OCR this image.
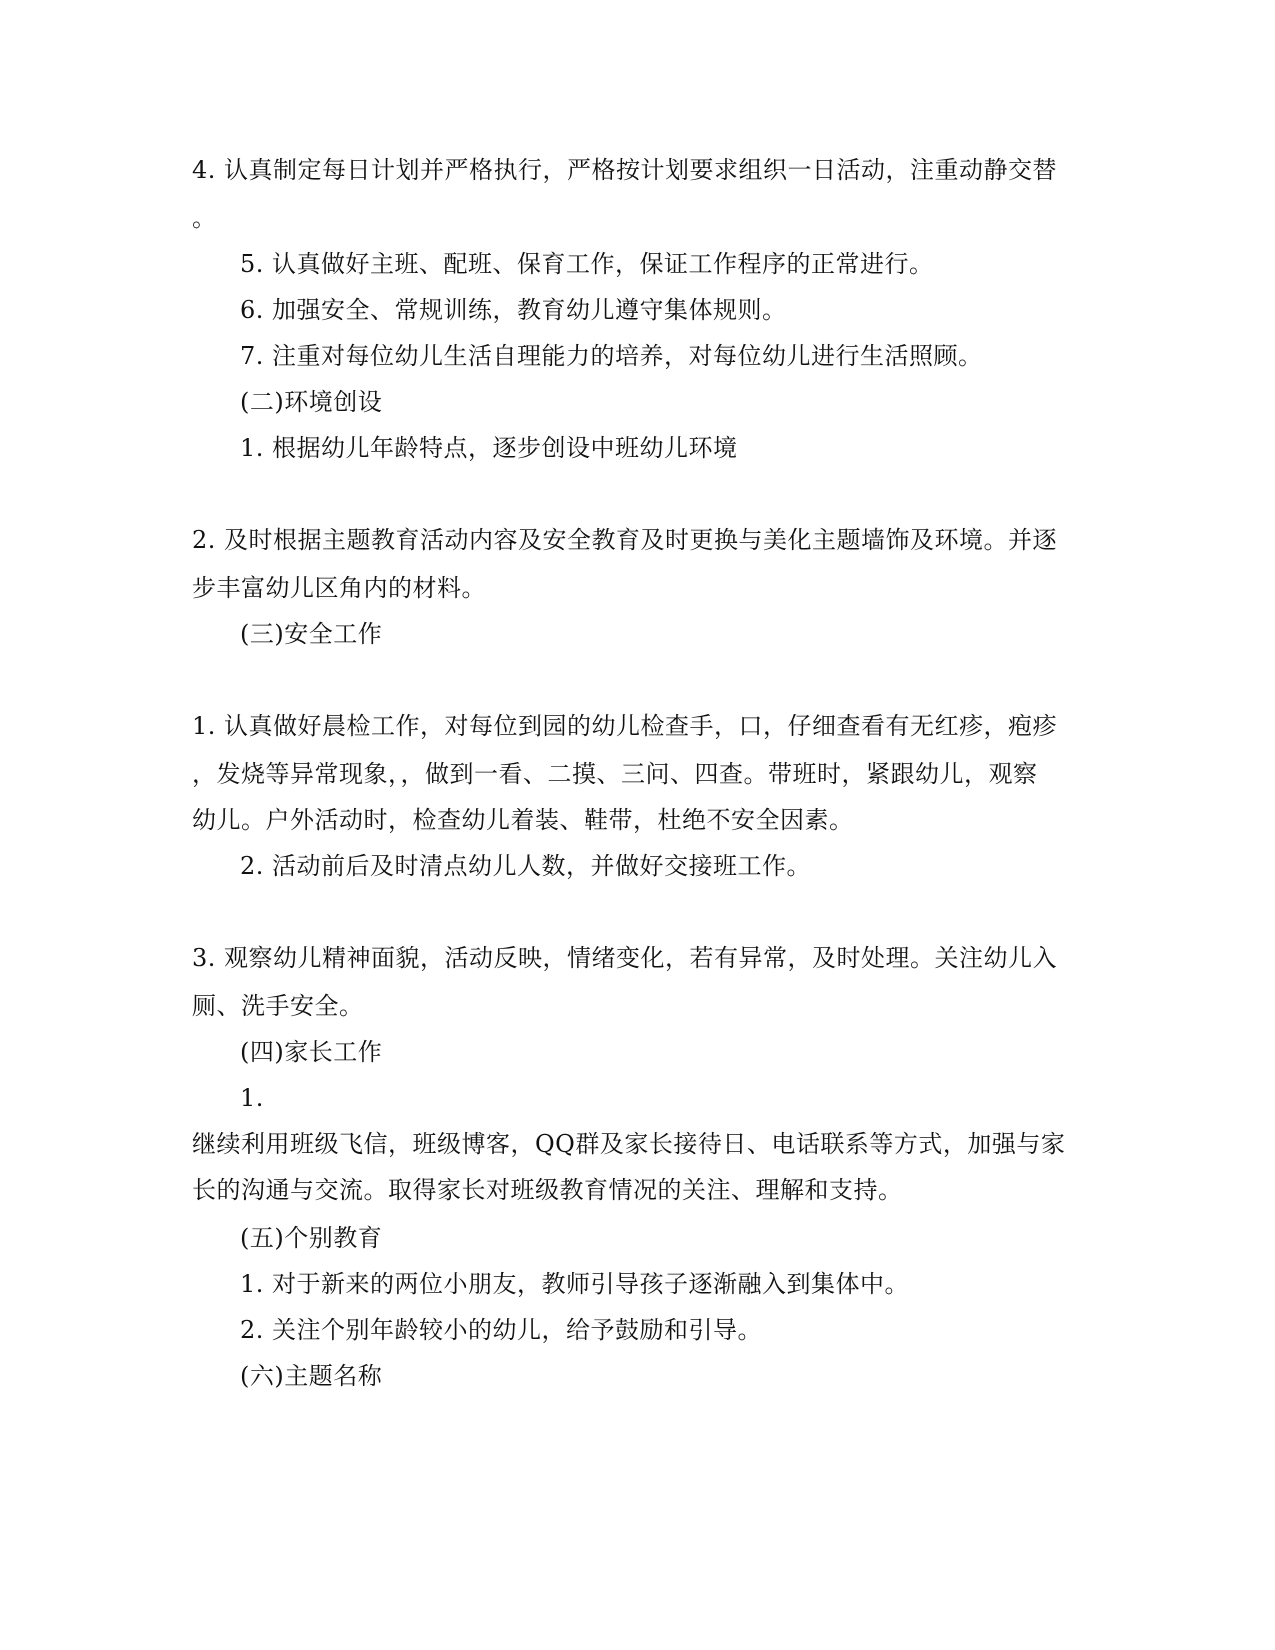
4. 认真制定每日计划并严格执行，严格按计划要求组织一日活动，注重动静交替
。
5. 认真做好主班、配班、保育工作，保证工作程序的正常进行。
6. 加强安全、常规训练，教育幼儿遵守集体规则。
7. 注重对每位幼儿生活自理能力的培养，对每位幼儿进行生活照顾。
(二)环境创设
1. 根据幼儿年龄特点，逐步创设中班幼儿环境
2. 及时根据主题教育活动内容及安全教育及时更换与美化主题墙饰及环境。并逐
步丰富幼儿区角内的材料。
(三)安全工作
1. 认真做好晨检工作，对每位到园的幼儿检查手，口，仔细查看有无红疹，疱疹
，发烧等异常现象，，做到一看、二摸、三问、四查。带班时，紧跟幼儿，观察
幼儿。户外活动时，检查幼儿着装、鞋带，杜绝不安全因素。
2. 活动前后及时清点幼儿人数，并做好交接班工作。
3. 观察幼儿精神面貌，活动反映，情绪变化，若有异常，及时处理。关注幼儿入
厕、洗手安全。
(四)家长工作
1.
继续利用班级飞信，班级博客，QQ群及家长接待日、电话联系等方式，加强与家
长的沟通与交流。取得家长对班级教育情况的关注、理解和支持。
(五)个别教育
1. 对于新来的两位小朋友，教师引导孩子逐渐融入到集体中。
2. 关注个别年龄较小的幼儿，给予鼓励和引导。
(六)主题名称
